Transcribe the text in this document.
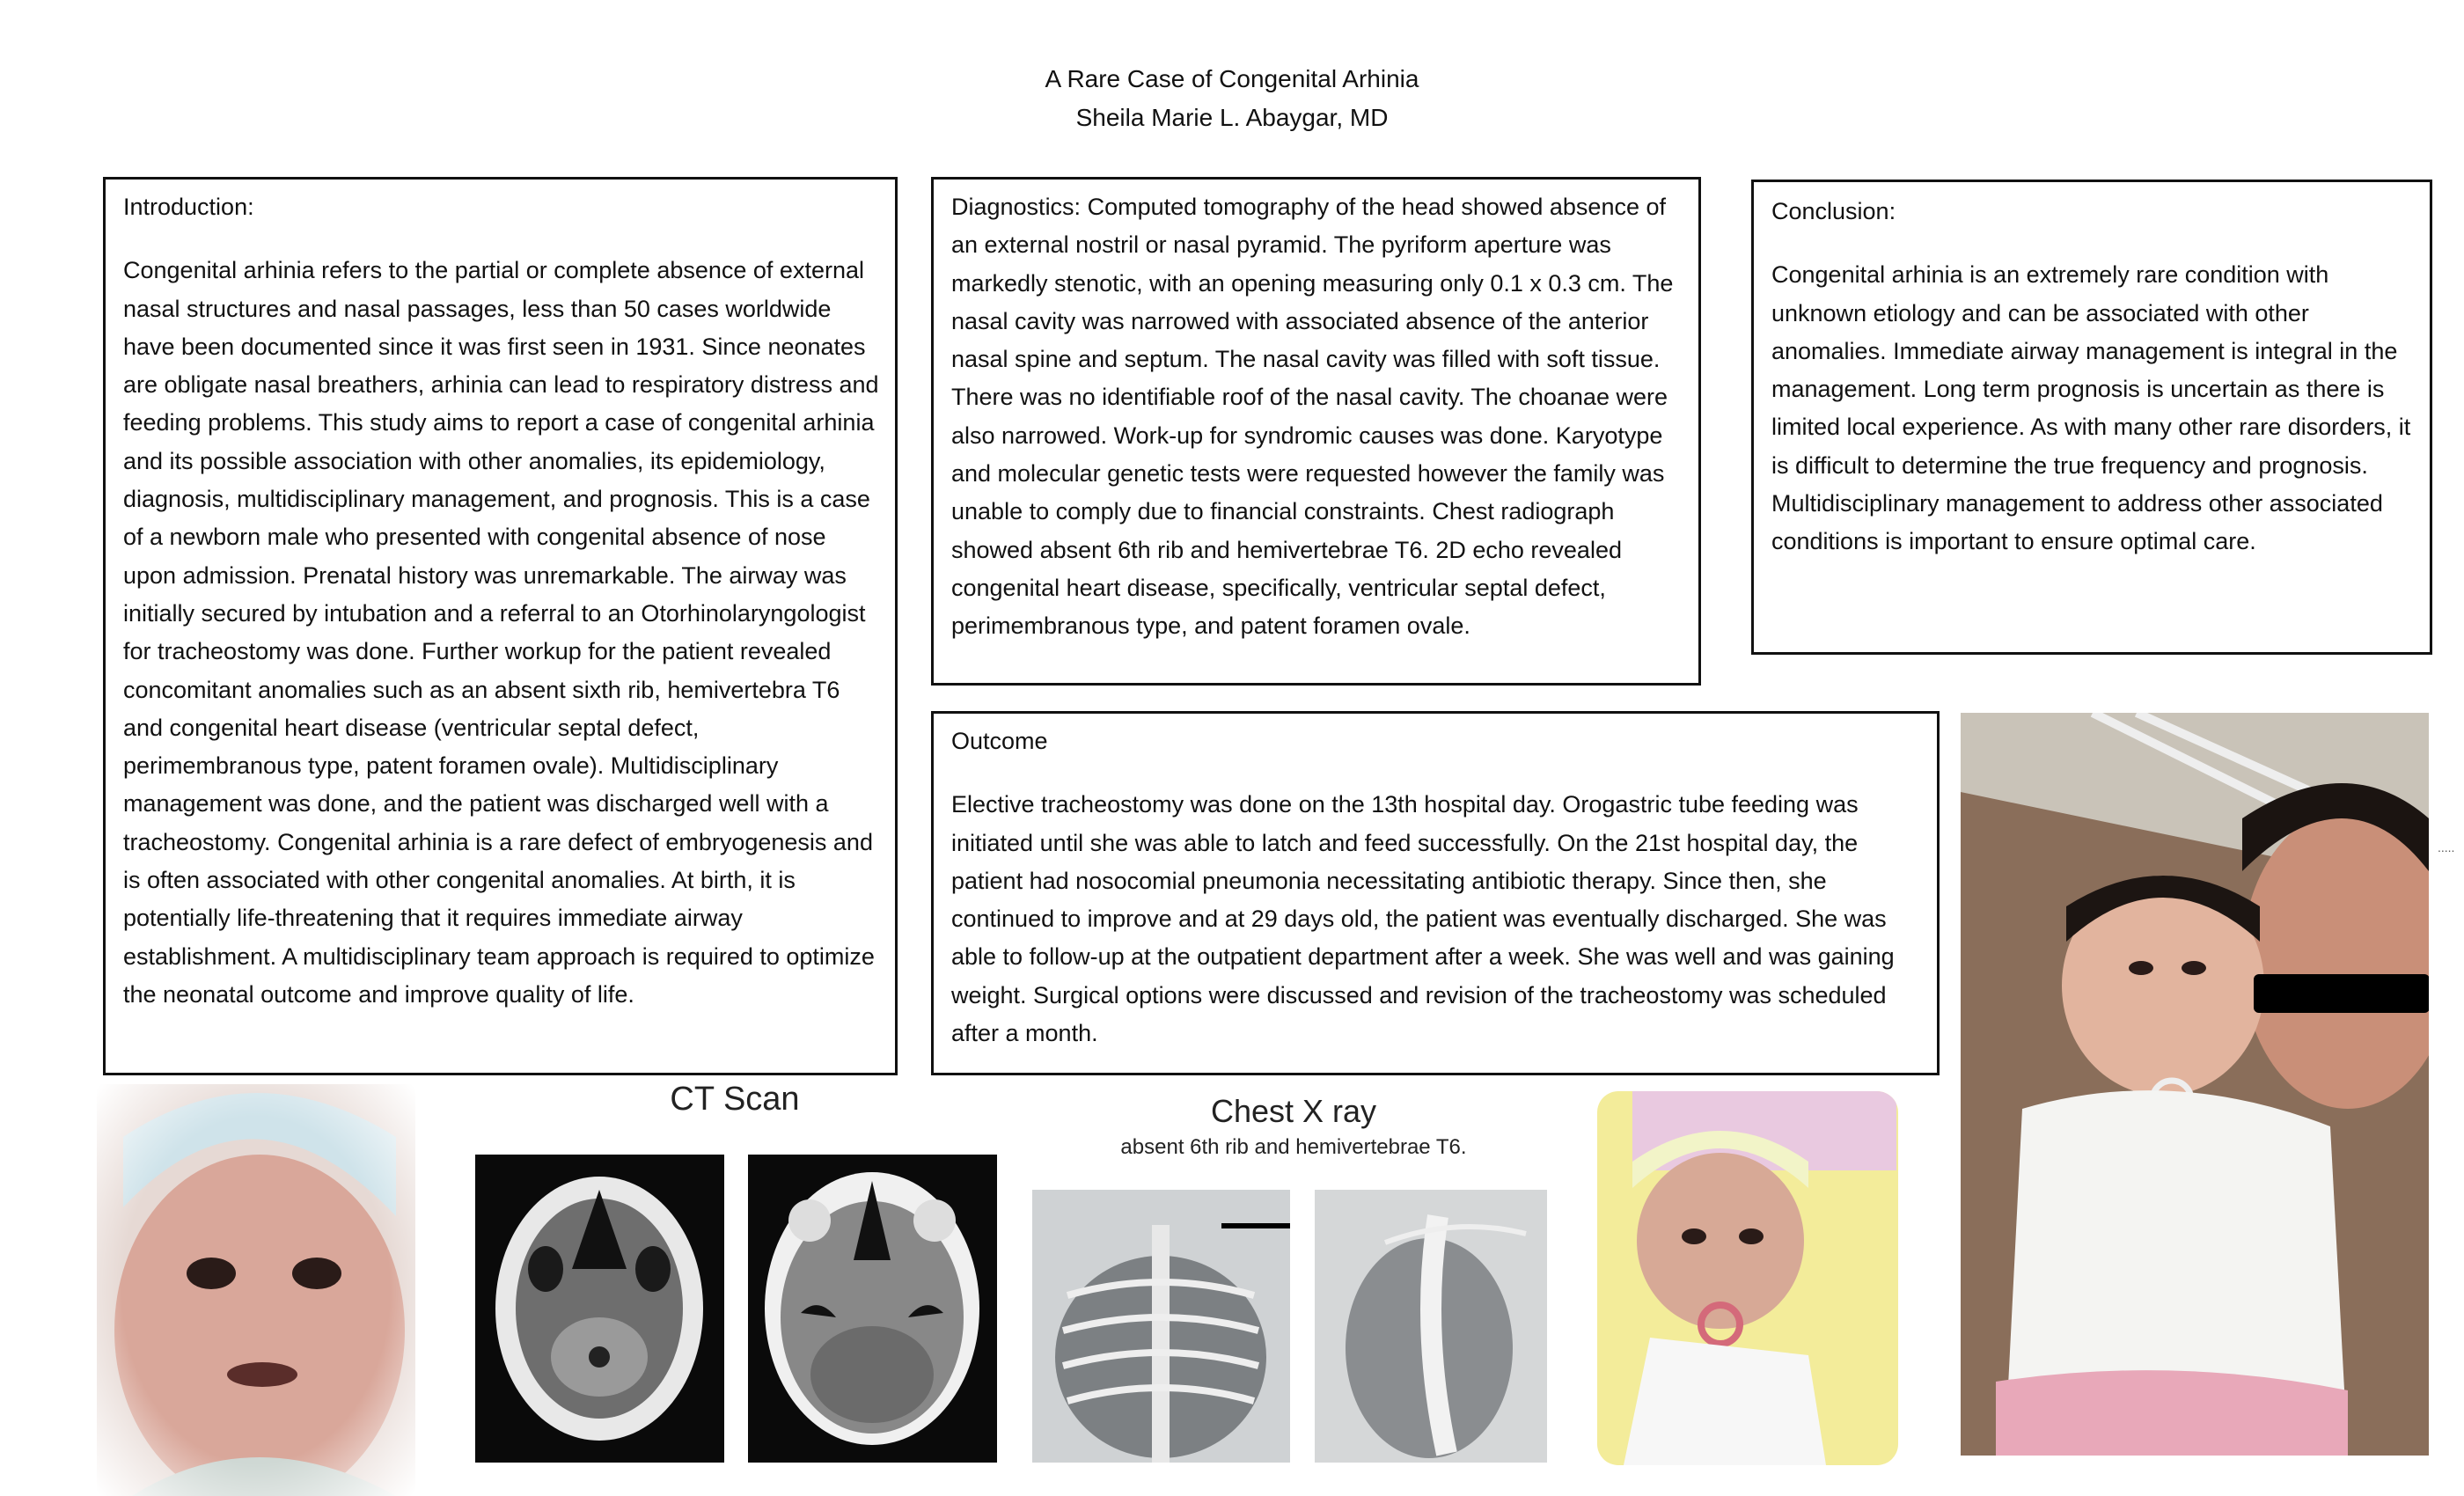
A Rare Case of Congenital Arhinia
Sheila Marie L. Abaygar, MD

Introduction:

Congenital arhinia refers to the partial or complete absence of external nasal structures and nasal passages, less than 50 cases worldwide have been documented since it was first seen in 1931. Since neonates are obligate nasal breathers, arhinia can lead to respiratory distress and feeding problems. This study aims to report a case of congenital arhinia and its possible association with other anomalies, its epidemiology, diagnosis, multidisciplinary management, and prognosis. This is a case of a newborn male who presented with congenital absence of nose upon admission. Prenatal history was unremarkable. The airway was initially secured by intubation and a referral to an Otorhinolaryngologist for tracheostomy was done. Further workup for the patient revealed concomitant anomalies such as an absent sixth rib, hemivertebra T6 and congenital heart disease (ventricular septal defect, perimembranous type, patent foramen ovale). Multidisciplinary management was done, and the patient was discharged well with a tracheostomy. Congenital arhinia is a rare defect of embryogenesis and is often associated with other congenital anomalies. At birth, it is potentially life-threatening that it requires immediate airway establishment. A multidisciplinary team approach is required to optimize the neonatal outcome and improve quality of life.

Diagnostics: Computed tomography of the head showed absence of an external nostril or nasal pyramid. The pyriform aperture was markedly stenotic, with an opening measuring only 0.1 x 0.3 cm. The nasal cavity was narrowed with associated absence of the anterior nasal spine and septum. The nasal cavity was filled with soft tissue. There was no identifiable roof of the nasal cavity. The choanae were also narrowed. Work-up for syndromic causes was done. Karyotype and molecular genetic tests were requested however the family was unable to comply due to financial constraints. Chest radiograph showed absent 6th rib and hemivertebrae T6. 2D echo revealed congenital heart disease, specifically, ventricular septal defect, perimembranous type, and patent foramen ovale.

Conclusion:

Congenital arhinia is an extremely rare condition with unknown etiology and can be associated with other anomalies. Immediate airway management is integral in the management. Long term prognosis is uncertain as there is limited local experience. As with many other rare disorders, it is difficult to determine the true frequency and prognosis. Multidisciplinary management to address other associated conditions is important to ensure optimal care.

Outcome

Elective tracheostomy was done on the 13th hospital day. Orogastric tube feeding was initiated until she was able to latch and feed successfully. On the 21st hospital day, the patient had nosocomial pneumonia necessitating antibiotic therapy. Since then, she continued to improve and at 29 days old, the patient was eventually discharged. She was able to follow-up at the outpatient department after a week. She was well and was gaining weight. Surgical options were discussed and revision of the tracheostomy was scheduled after a month.

CT Scan	Chest X ray
absent 6th rib and hemivertebrae T6.
.....
